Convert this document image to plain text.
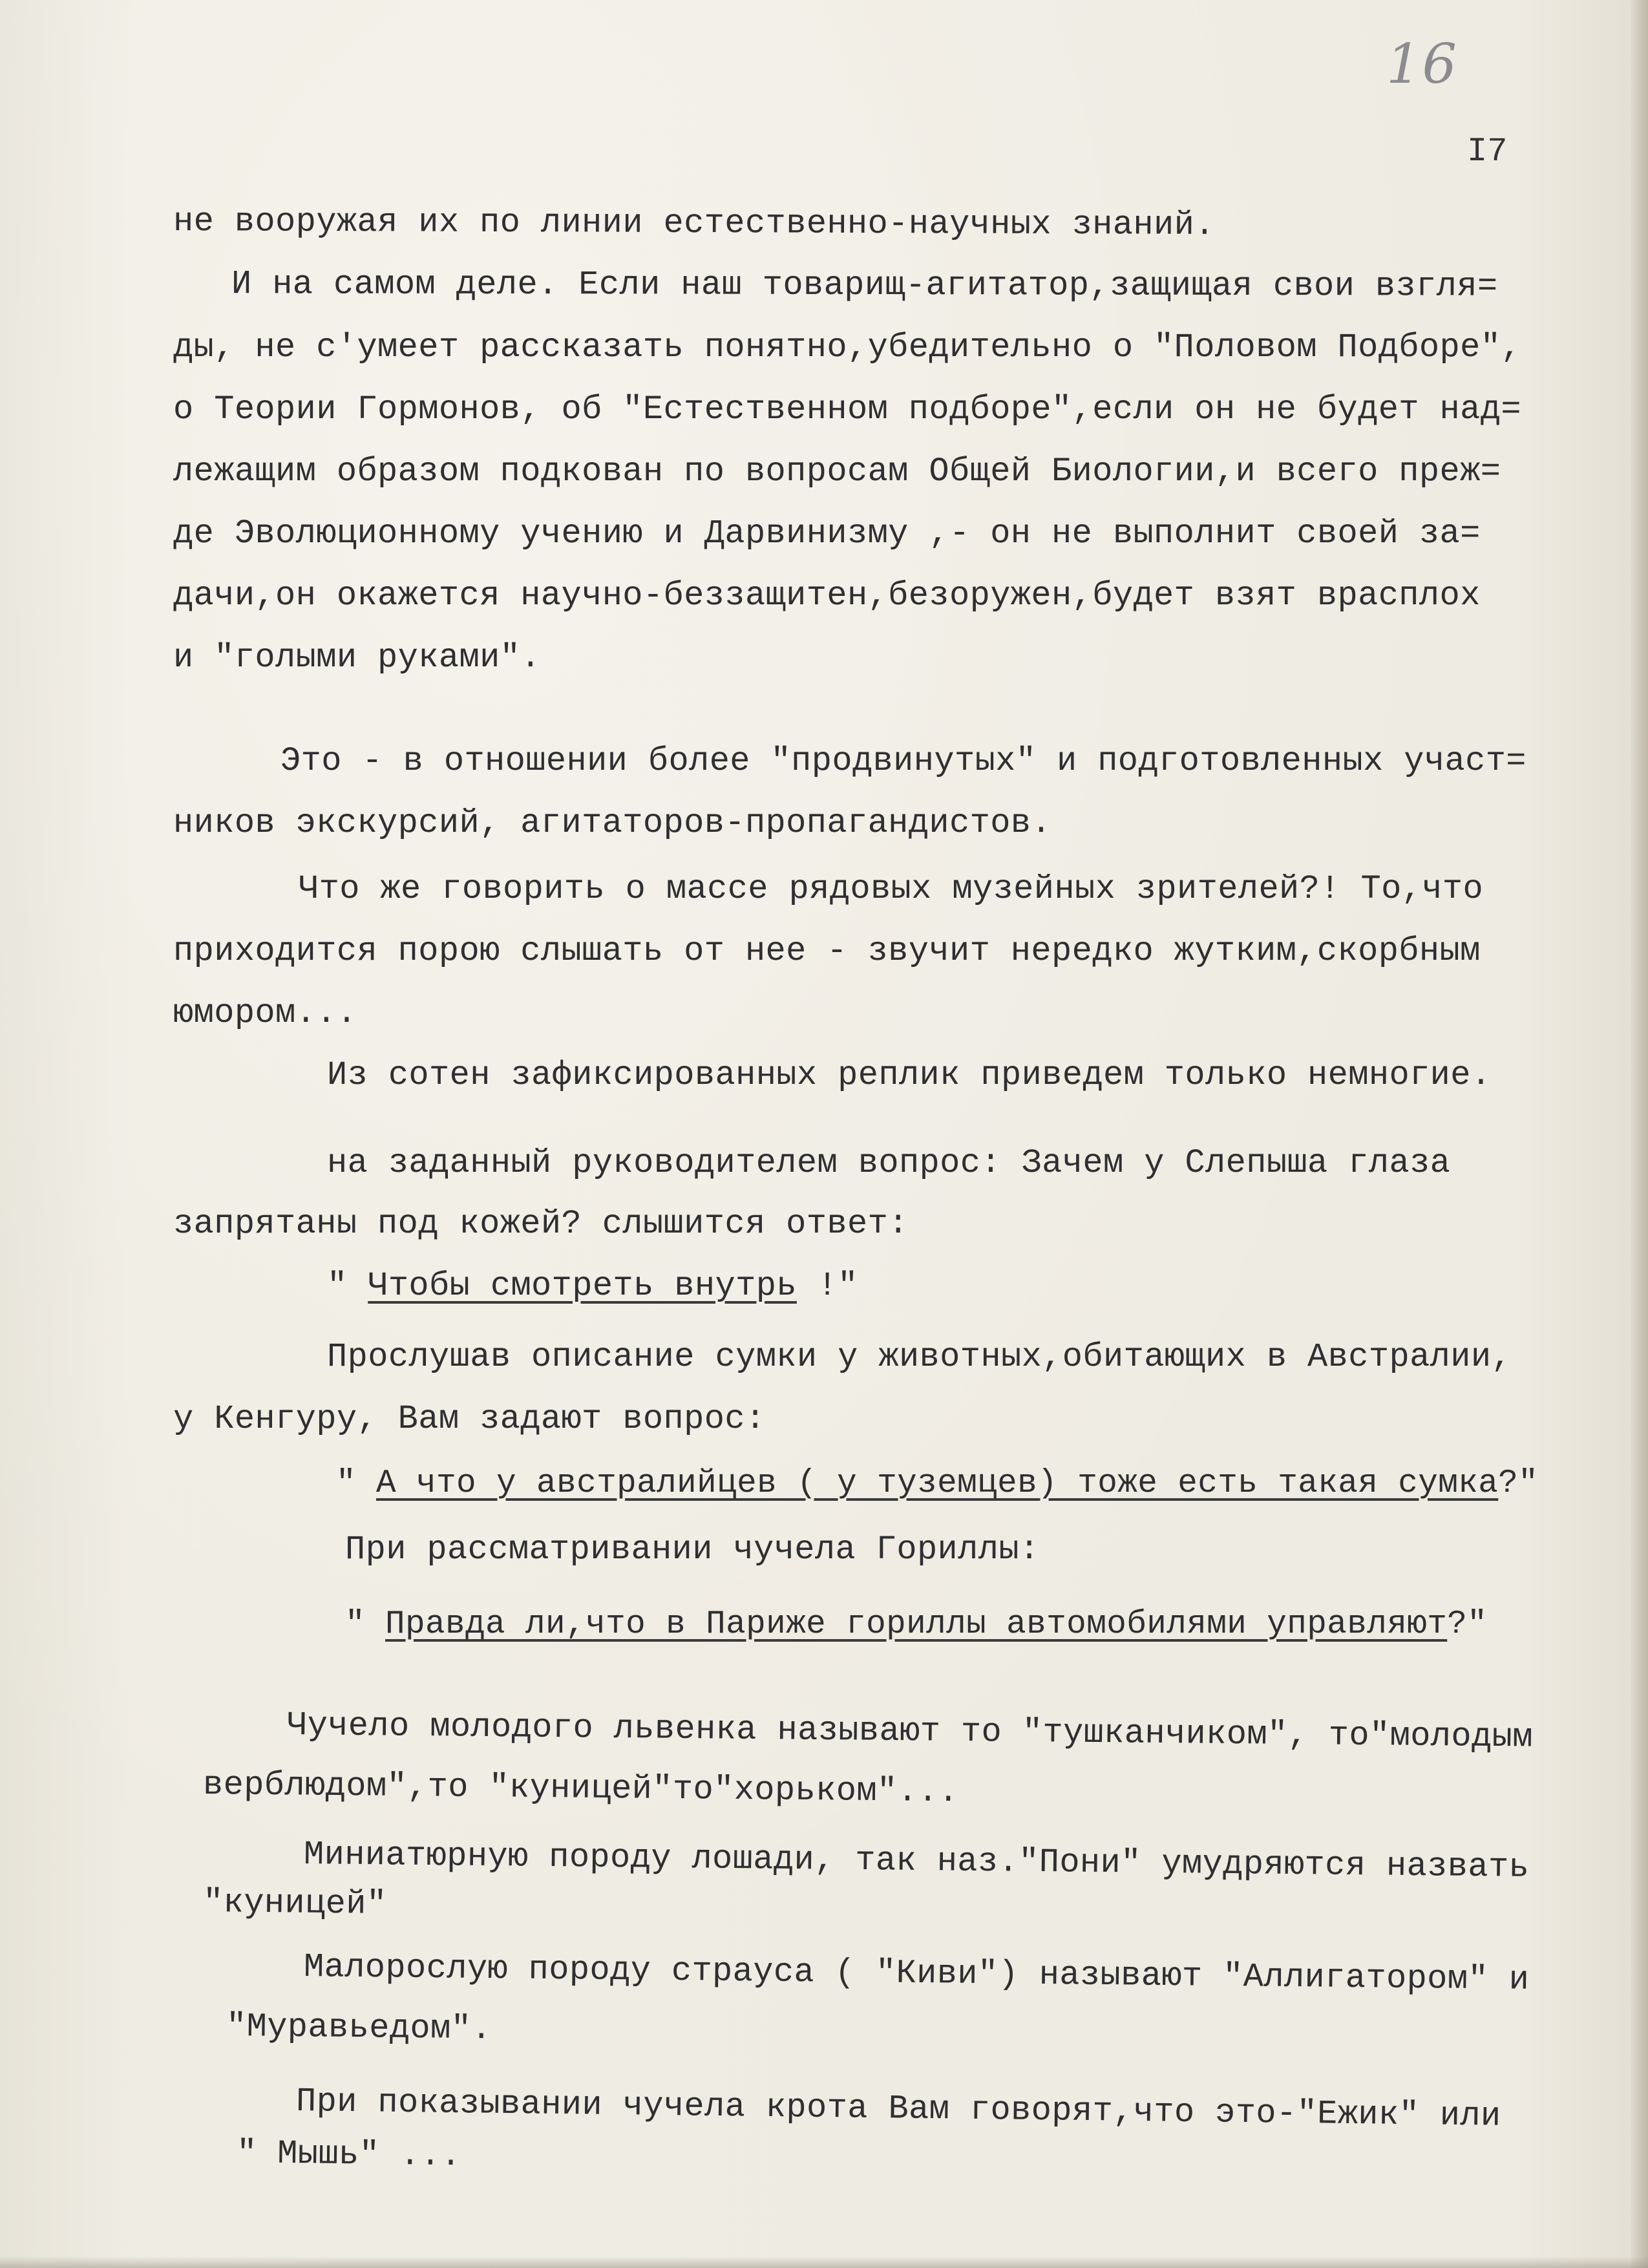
16
I7
не вооружая их по линии естественно-научных знаний.
И на самом деле. Если наш товарищ-агитатор,защищая свои взгля=
ды, не с'умеет рассказать понятно,убедительно о "Половом Подборе",
о Теории Гормонов, об "Естественном подборе",если он не будет над=
лежащим образом подкован по вопросам Общей Биологии,и всего преж=
де Эволюционному учению и Дарвинизму ,- он не выполнит своей за=
дачи,он окажется научно-беззащитен,безоружен,будет взят врасплох
и "голыми руками".
Это - в отношении более "продвинутых" и подготовленных участ=
ников экскурсий, агитаторов-пропагандистов.
Что же говорить о массе рядовых музейных зрителей?! То,что
приходится порою слышать от нее - звучит нередко жутким,скорбным
юмором...
Из сотен зафиксированных реплик приведем только немногие.
на заданный руководителем вопрос: Зачем у Слепыша глаза
запрятаны под кожей? слышится ответ:
" Чтобы смотреть внутрь !"
Прослушав описание сумки у животных,обитающих в Австралии,
у Кенгуру, Вам задают вопрос:
" А что у австралийцев ( у туземцев) тоже есть такая сумка?"
При рассматривании чучела Гориллы:
" Правда ли,что в Париже гориллы автомобилями управляют?"
Чучело молодого львенка называют то "тушканчиком", то"молодым
верблюдом",то "куницей"то"хорьком"...
Миниатюрную породу лошади, так наз."Пони" умудряются назвать
"куницей"
Малорослую породу страуса ( "Киви") называют "Аллигатором" и
"Муравьедом".
При показывании чучела крота Вам говорят,что это-"Ежик" или
" Мышь" ...
